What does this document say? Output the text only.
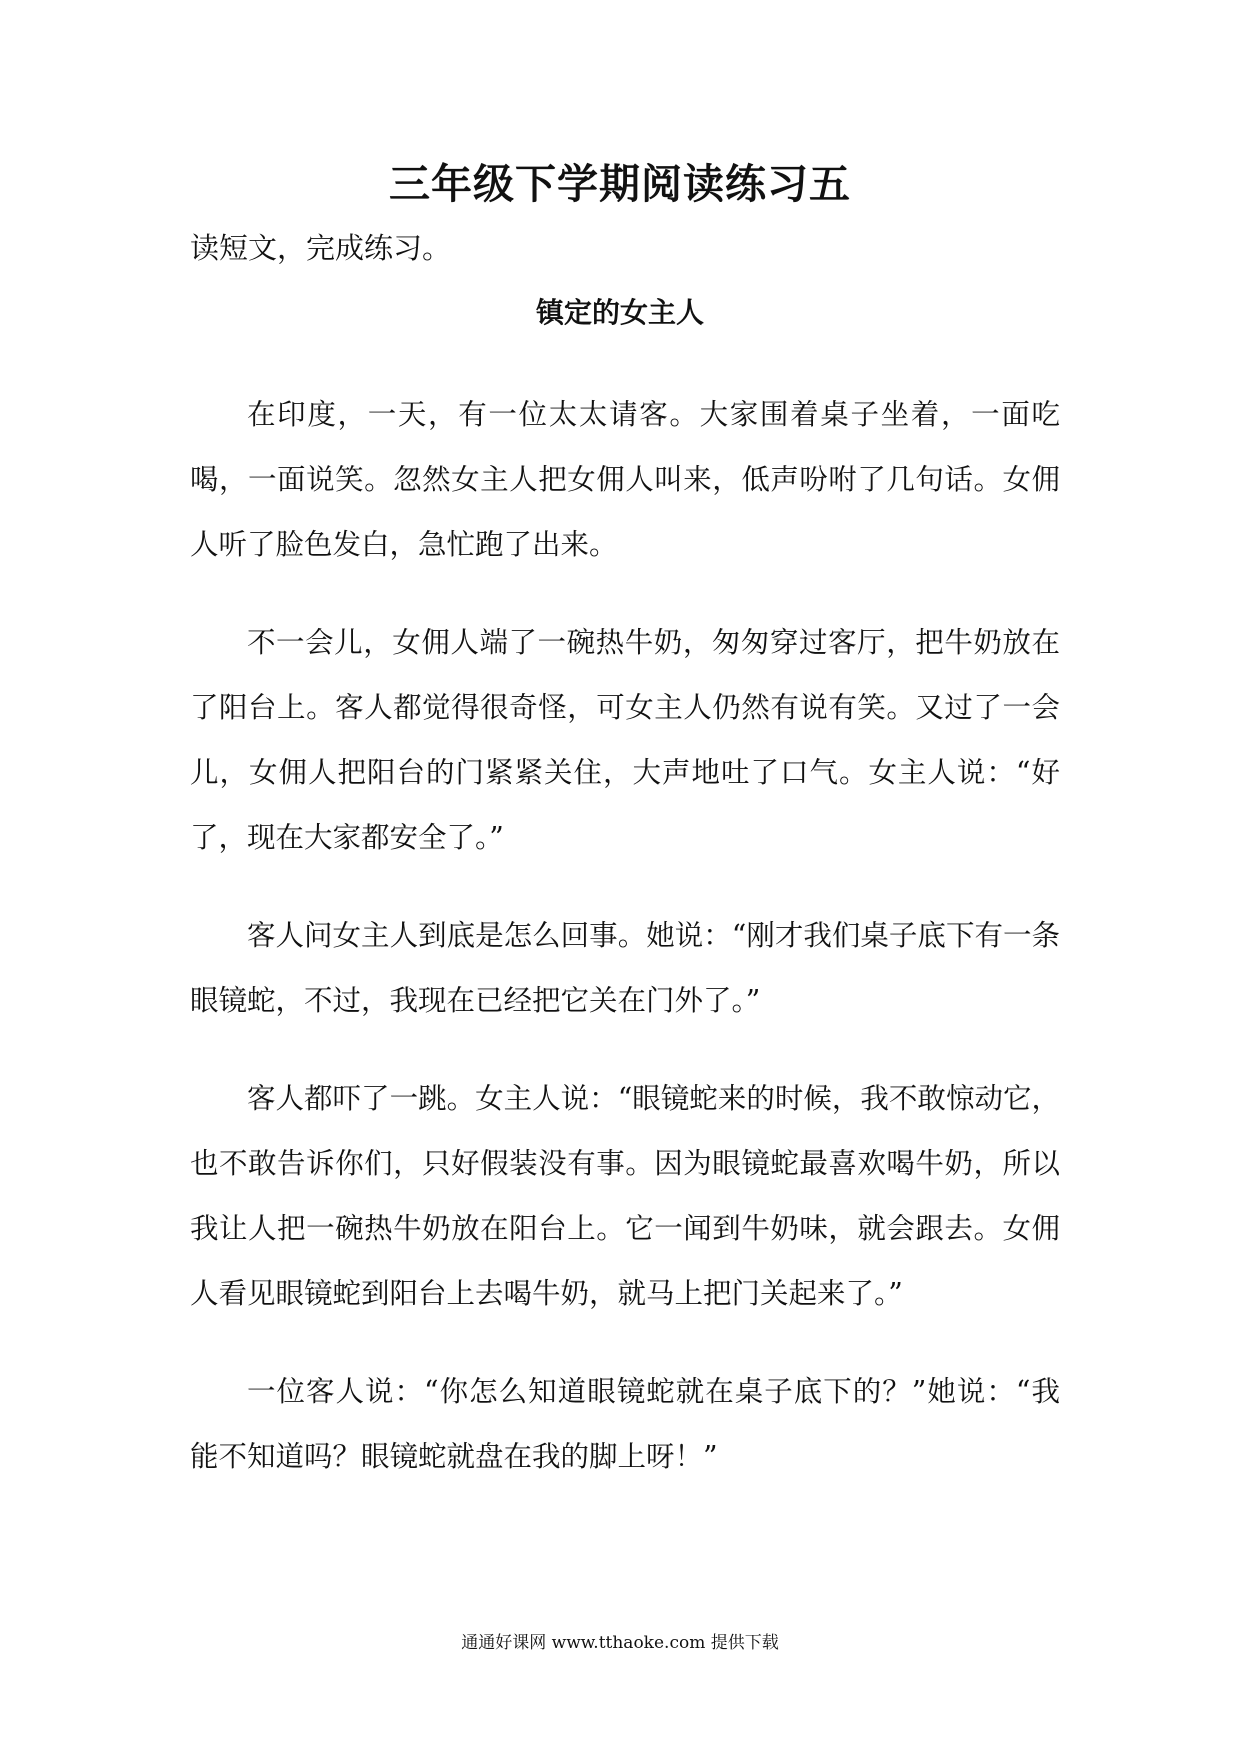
三年级下学期阅读练习五
读短文，完成练习。
镇定的女主人

在印度，一天，有一位太太请客。大家围着桌子坐着，一面吃喝，一面说笑。忽然女主人把女佣人叫来，低声吩咐了几句话。女佣人听了脸色发白，急忙跑了出来。

不一会儿，女佣人端了一碗热牛奶，匆匆穿过客厅，把牛奶放在了阳台上。客人都觉得很奇怪，可女主人仍然有说有笑。又过了一会儿，女佣人把阳台的门紧紧关住，大声地吐了口气。女主人说：“好了，现在大家都安全了。”

客人问女主人到底是怎么回事。她说：“刚才我们桌子底下有一条眼镜蛇，不过，我现在已经把它关在门外了。”

客人都吓了一跳。女主人说：“眼镜蛇来的时候，我不敢惊动它，也不敢告诉你们，只好假装没有事。因为眼镜蛇最喜欢喝牛奶，所以我让人把一碗热牛奶放在阳台上。它一闻到牛奶味，就会跟去。女佣人看见眼镜蛇到阳台上去喝牛奶，就马上把门关起来了。”

一位客人说：“你怎么知道眼镜蛇就在桌子底下的？”她说：“我能不知道吗？眼镜蛇就盘在我的脚上呀！”

通通好课网 www.tthaoke.com 提供下载
